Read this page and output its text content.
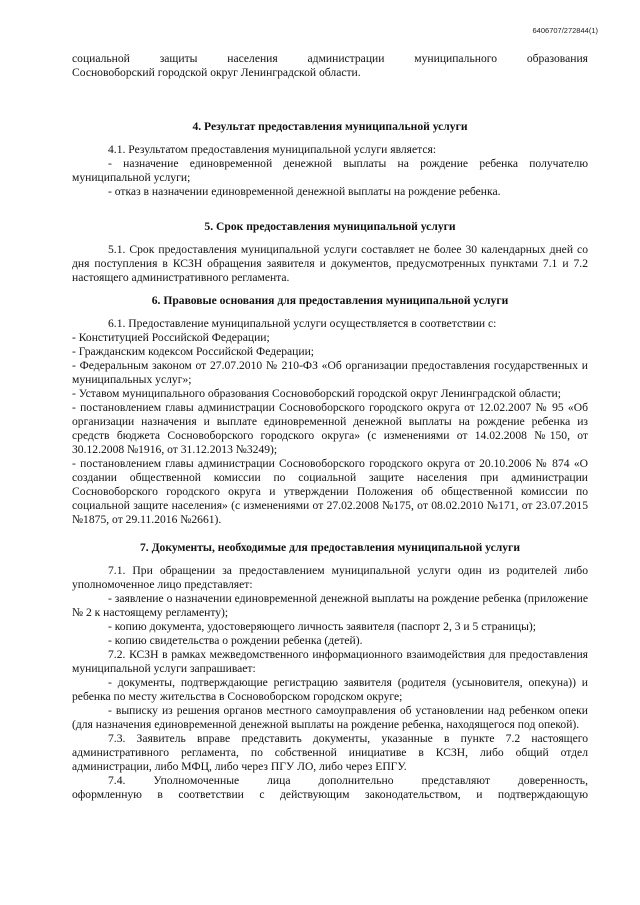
6406707/272844(1)

социальной защиты населения администрации муниципального образования

Сосновоборский городской округ Ленинградской области.

4. Результат предоставления муниципальной услуги

4.1. Результатом предоставления муниципальной услуги является:

- назначение единовременной денежной выплаты на рождение ребенка получателю муниципальной услуги;

- отказ в назначении единовременной денежной выплаты на рождение ребенка.

5. Срок предоставления муниципальной услуги

5.1. Срок предоставления муниципальной услуги составляет не более 30 календарных дней со дня поступления в КСЗН обращения заявителя и документов, предусмотренных пунктами 7.1 и 7.2 настоящего административного регламента.

6. Правовые основания для предоставления муниципальной услуги

6.1. Предоставление муниципальной услуги осуществляется в соответствии с:

- Конституцией Российской Федерации;

- Гражданским кодексом Российской Федерации;

- Федеральным законом от 27.07.2010 № 210-ФЗ «Об организации предоставления государственных и муниципальных услуг»;

- Уставом муниципального образования Сосновоборский городской округ Ленинградской области;

- постановлением главы администрации Сосновоборского городского округа от 12.02.2007 № 95 «Об организации назначения и выплате единовременной денежной выплаты на рождение ребенка из средств бюджета Сосновоборского городского округа» (с изменениями от 14.02.2008 №150, от 30.12.2008 №1916, от 31.12.2013 №3249);

- постановлением главы администрации Сосновоборского городского округа от 20.10.2006 № 874 «О создании общественной комиссии по социальной защите населения при администрации Сосновоборского городского округа и утверждении Положения об общественной комиссии по социальной защите населения» (с изменениями от 27.02.2008 №175, от 08.02.2010 №171, от 23.07.2015 №1875, от 29.11.2016 №2661).

7. Документы, необходимые для предоставления муниципальной услуги

7.1. При обращении за предоставлением муниципальной услуги один из родителей либо уполномоченное лицо представляет:

- заявление о назначении единовременной денежной выплаты на рождение ребенка (приложение № 2 к настоящему регламенту);

- копию документа, удостоверяющего личность заявителя (паспорт 2, 3 и 5 страницы);

- копию свидетельства о рождении ребенка (детей).

7.2. КСЗН в рамках межведомственного информационного взаимодействия для предоставления муниципальной услуги запрашивает:

- документы, подтверждающие регистрацию заявителя (родителя (усыновителя, опекуна)) и ребенка по месту жительства в Сосновоборском городском округе;

- выписку из решения органов местного самоуправления об установлении над ребенком опеки (для назначения единовременной денежной выплаты на рождение ребенка, находящегося под опекой).

7.3. Заявитель вправе представить документы, указанные в пункте 7.2 настоящего административного регламента, по собственной инициативе в КСЗН, либо общий отдел администрации, либо МФЦ, либо через ПГУ ЛО, либо через ЕПГУ.

7.4. Уполномоченные лица дополнительно представляют доверенность,

оформленную в соответствии с действующим законодательством, и подтверждающую
